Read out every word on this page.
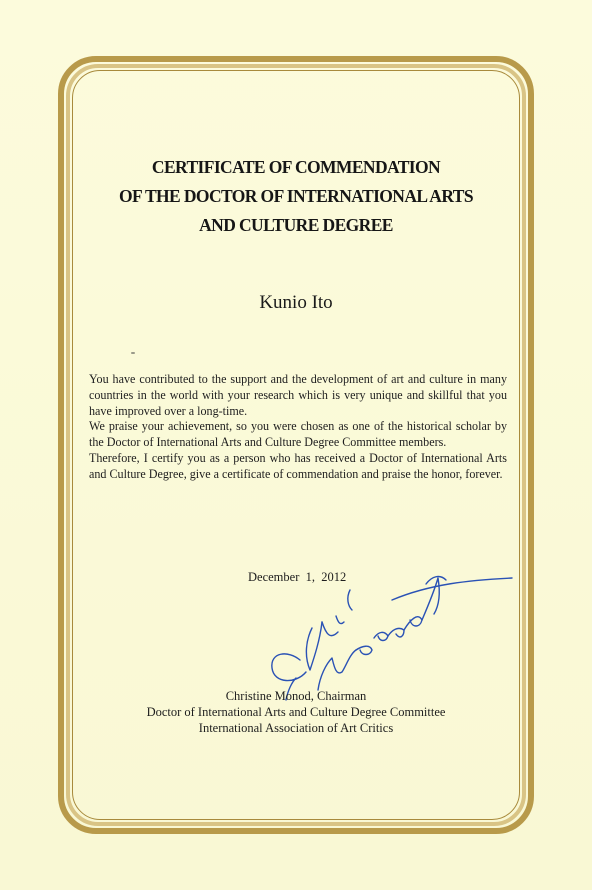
CERTIFICATE OF COMMENDATION
OF THE DOCTOR OF INTERNATIONAL ARTS
AND CULTURE DEGREE
Kunio Ito

You have contributed to the support and the development of art and culture in many countries in the world with your research which is very unique and skillful that you have improved over a long-time.

We praise your achievement, so you were chosen as one of the historical scholar by the Doctor of International Arts and Culture Degree Committee members.

Therefore, I certify you as a person who has received a Doctor of International Arts and Culture Degree, give a certificate of commendation and praise the honor, forever.

December  1,  2012
Christine Monod, Chairman
Doctor of International Arts and Culture Degree Committee
International Association of Art Critics
